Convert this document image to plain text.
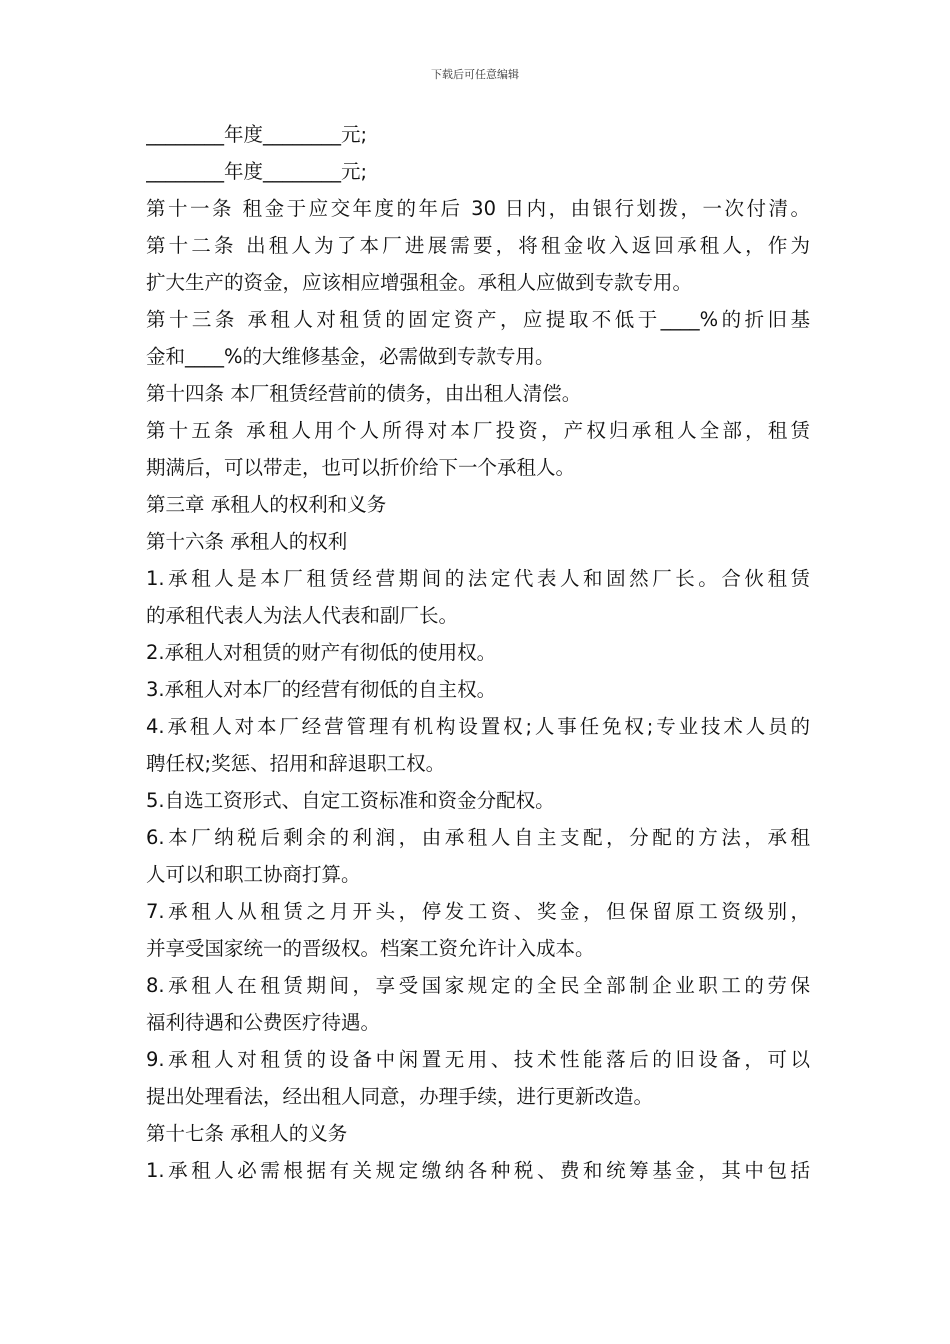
下载后可任意编辑
________年度________元;
________年度________元;
第十一条 租金于应交年度的年后 30 日内，由银行划拨，一次付清。
第十二条 出租人为了本厂进展需要，将租金收入返回承租人，作为
扩大生产的资金，应该相应增强租金。承租人应做到专款专用。
第十三条 承租人对租赁的固定资产，应提取不低于____%的折旧基
金和____%的大维修基金，必需做到专款专用。
第十四条 本厂租赁经营前的债务，由出租人清偿。
第十五条 承租人用个人所得对本厂投资，产权归承租人全部，租赁
期满后，可以带走，也可以折价给下一个承租人。
第三章 承租人的权利和义务
第十六条 承租人的权利
1.承租人是本厂租赁经营期间的法定代表人和固然厂长。合伙租赁
的承租代表人为法人代表和副厂长。
2.承租人对租赁的财产有彻低的使用权。
3.承租人对本厂的经营有彻低的自主权。
4.承租人对本厂经营管理有机构设置权;人事任免权;专业技术人员的
聘任权;奖惩、招用和辞退职工权。
5.自选工资形式、自定工资标准和资金分配权。
6.本厂纳税后剩余的利润，由承租人自主支配，分配的方法，承租
人可以和职工协商打算。
7.承租人从租赁之月开头，停发工资、奖金，但保留原工资级别，
并享受国家统一的晋级权。档案工资允许计入成本。
8.承租人在租赁期间，享受国家规定的全民全部制企业职工的劳保
福利待遇和公费医疗待遇。
9.承租人对租赁的设备中闲置无用、技术性能落后的旧设备，可以
提出处理看法，经出租人同意，办理手续，进行更新改造。
第十七条 承租人的义务
1.承租人必需根据有关规定缴纳各种税、费和统筹基金，其中包括
